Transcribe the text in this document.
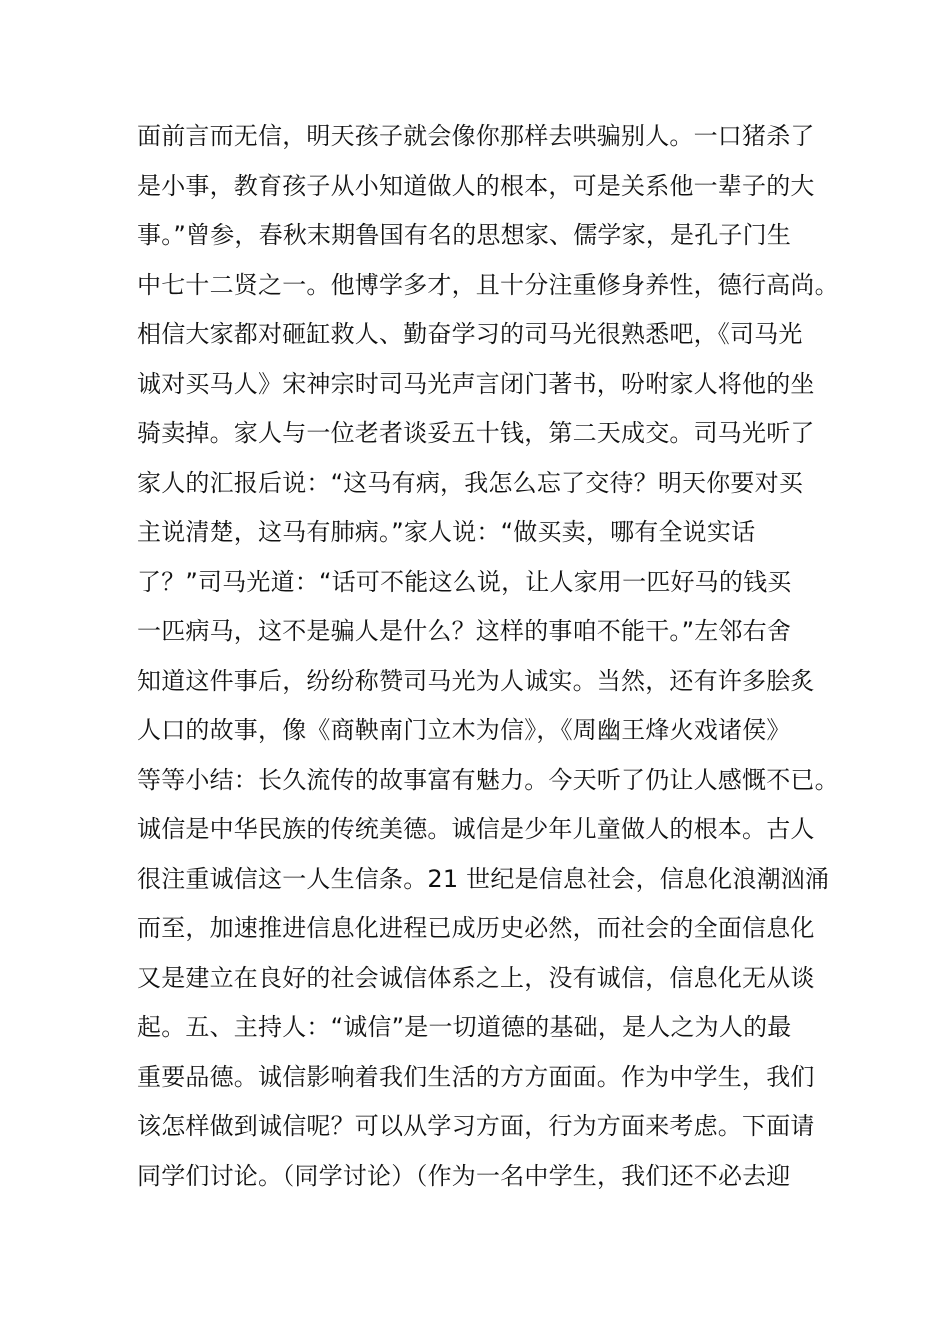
面前言而无信，明天孩子就会像你那样去哄骗别人。一口猪杀了
是小事，教育孩子从小知道做人的根本，可是关系他一辈子的大
事。”曾参，春秋末期鲁国有名的思想家、儒学家，是孔子门生
中七十二贤之一。他博学多才，且十分注重修身养性，德行高尚。
相信大家都对砸缸救人、勤奋学习的司马光很熟悉吧，《司马光
诚对买马人》宋神宗时司马光声言闭门著书，吩咐家人将他的坐
骑卖掉。家人与一位老者谈妥五十钱，第二天成交。司马光听了
家人的汇报后说：“这马有病，我怎么忘了交待？明天你要对买
主说清楚，这马有肺病。”家人说：“做买卖，哪有全说实话
了？”司马光道：“话可不能这么说，让人家用一匹好马的钱买
一匹病马，这不是骗人是什么？这样的事咱不能干。”左邻右舍
知道这件事后，纷纷称赞司马光为人诚实。当然，还有许多脍炙
人口的故事，像《商鞅南门立木为信》，《周幽王烽火戏诸侯》
等等小结：长久流传的故事富有魅力。今天听了仍让人感慨不已。
诚信是中华民族的传统美德。诚信是少年儿童做人的根本。古人
很注重诚信这一人生信条。21 世纪是信息社会，信息化浪潮汹涌
而至，加速推进信息化进程已成历史必然，而社会的全面信息化
又是建立在良好的社会诚信体系之上，没有诚信，信息化无从谈
起。五、主持人：“诚信”是一切道德的基础，是人之为人的最
重要品德。诚信影响着我们生活的方方面面。作为中学生，我们
该怎样做到诚信呢？可以从学习方面，行为方面来考虑。下面请
同学们讨论。（同学讨论）（作为一名中学生，我们还不必去迎
